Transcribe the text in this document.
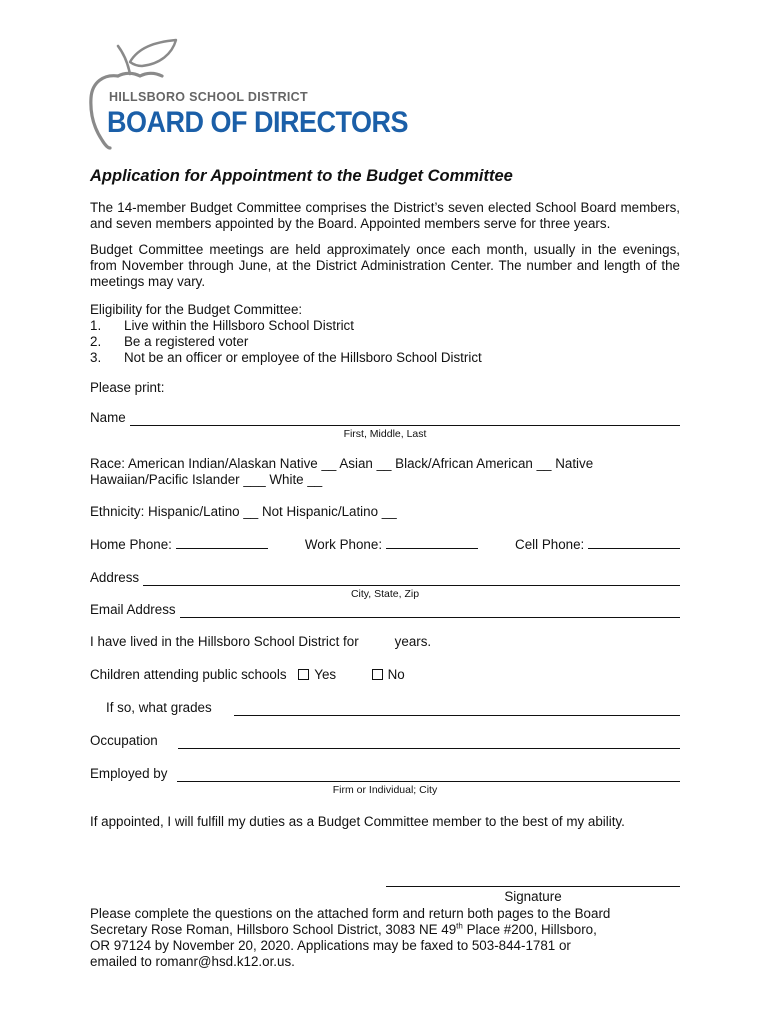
HILLSBORO SCHOOL DISTRICT
BOARD OF DIRECTORS
Application for Appointment to the Budget Committee

The 14-member Budget Committee comprises the District’s seven elected School Board members, and seven members appointed by the Board. Appointed members serve for three years.

Budget Committee meetings are held approximately once each month, usually in the evenings, from November through June, at the District Administration Center. The number and length of the meetings may vary.

Eligibility for the Budget Committee:
1.	Live within the Hillsboro School District
2.	Be a registered voter
3.	Not be an officer or employee of the Hillsboro School District
Please print:
Name
First, Middle, Last
Race: American Indian/Alaskan Native __ Asian __ Black/African American __ Native
Hawaiian/Pacific Islander ___ White __
Ethnicity: Hispanic/Latino __ Not Hispanic/Latino __
Home Phone:	Work Phone:	Cell Phone:
Address
City, State, Zip
Email Address
I have lived in the Hillsboro School District for	years.
Children attending public schools Yes	No
If so, what grades
Occupation
Employed by
Firm or Individual; City
If appointed, I will fulfill my duties as a Budget Committee member to the best of my ability.
Signature
Please complete the questions on the attached form and return both pages to the Board
Secretary Rose Roman, Hillsboro School District, 3083 NE 49th Place #200, Hillsboro,
OR 97124 by November 20, 2020. Applications may be faxed to 503-844-1781 or
emailed to romanr@hsd.k12.or.us.
